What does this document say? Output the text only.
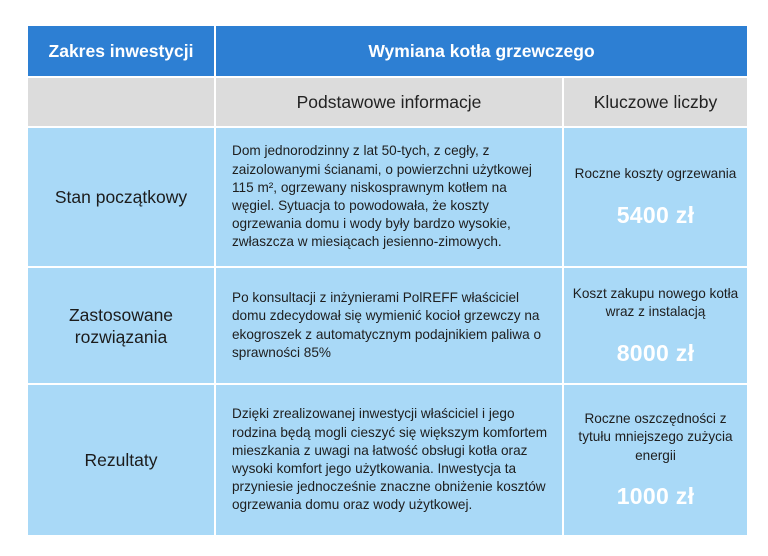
Zakres inwestycji	Wymiana kotła grzewczego
Podstawowe informacje	Kluczowe liczby
Stan początkowy
Dom jednorodzinny z lat 50-tych, z cegły, z zaizolowanymi ścianami, o powierzchni użytkowej 115 m², ogrzewany niskosprawnym kotłem na węgiel. Sytuacja to powodowała, że koszty ogrzewania domu i wody były bardzo wysokie, zwłaszcza w miesiącach jesienno-zimowych.
Roczne koszty ogrzewania
5400 zł
Zastosowane rozwiązania
Po konsultacji z inżynierami PolREFF właściciel domu zdecydował się wymienić kocioł grzewczy na ekogroszek z automatycznym podajnikiem paliwa o sprawności 85%
Koszt zakupu nowego kotła wraz z instalacją
8000 zł
Rezultaty
Dzięki zrealizowanej inwestycji właściciel i jego rodzina będą mogli cieszyć się większym komfortem mieszkania z uwagi na łatwość obsługi kotła oraz wysoki komfort jego użytkowania. Inwestycja ta przyniesie jednocześnie znaczne obniżenie kosztów ogrzewania domu oraz wody użytkowej.
Roczne oszczędności z tytułu mniejszego zużycia energii
1000 zł
